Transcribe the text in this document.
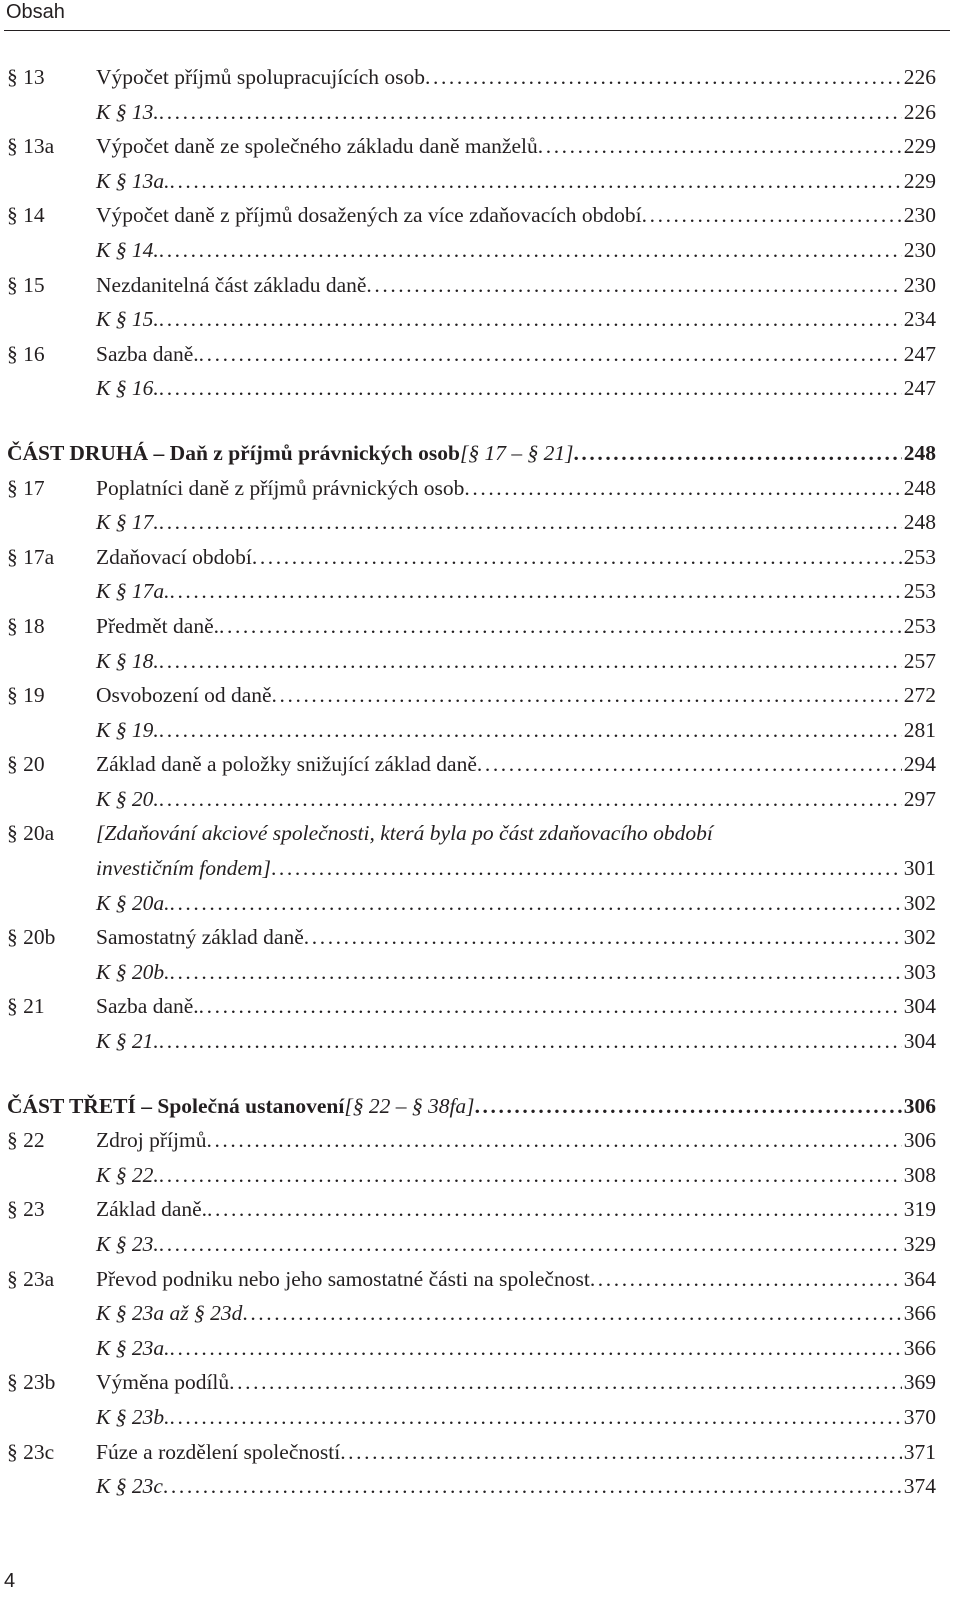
Obsah
§ 13 Výpočet příjmů spolupracujících osob .....	226
K § 13. .....	226
§ 13a Výpočet daně ze společného základu daně manželů .....	229
K § 13a. .....	229
§ 14 Výpočet daně z příjmů dosažených za více zdaňovacích období .....	230
K § 14. .....	230
§ 15 Nezdanitelná část základu daně .....	230
K § 15. .....	234
§ 16 Sazba daně. .....	247
K § 16. .....	247
ČÁST DRUHÁ – Daň z příjmů právnických osob [§ 17 – § 21] .....	248
§ 17 Poplatníci daně z příjmů právnických osob .....	248
K § 17. .....	248
§ 17a Zdaňovací období .....	253
K § 17a. .....	253
§ 18 Předmět daně. .....	253
K § 18. .....	257
§ 19 Osvobození od daně .....	272
K § 19. .....	281
§ 20 Základ daně a položky snižující základ daně .....	294
K § 20. .....	297
§ 20a [Zdaňování akciové společnosti, která byla po část zdaňovacího období
investičním fondem] .....	301
K § 20a. .....	302
§ 20b Samostatný základ daně .....	302
K § 20b. .....	303
§ 21 Sazba daně. .....	304
K § 21. .....	304
ČÁST TŘETÍ – Společná ustanovení [§ 22 – § 38fa] .....	306
§ 22 Zdroj příjmů .....	306
K § 22. .....	308
§ 23 Základ daně. .....	319
K § 23. .....	329
§ 23a Převod podniku nebo jeho samostatné části na společnost .....	364
K § 23a až § 23d .....	366
K § 23a. .....	366
§ 23b Výměna podílů .....	369
K § 23b. .....	370
§ 23c Fúze a rozdělení společností .....	371
K § 23c .....	374
4
